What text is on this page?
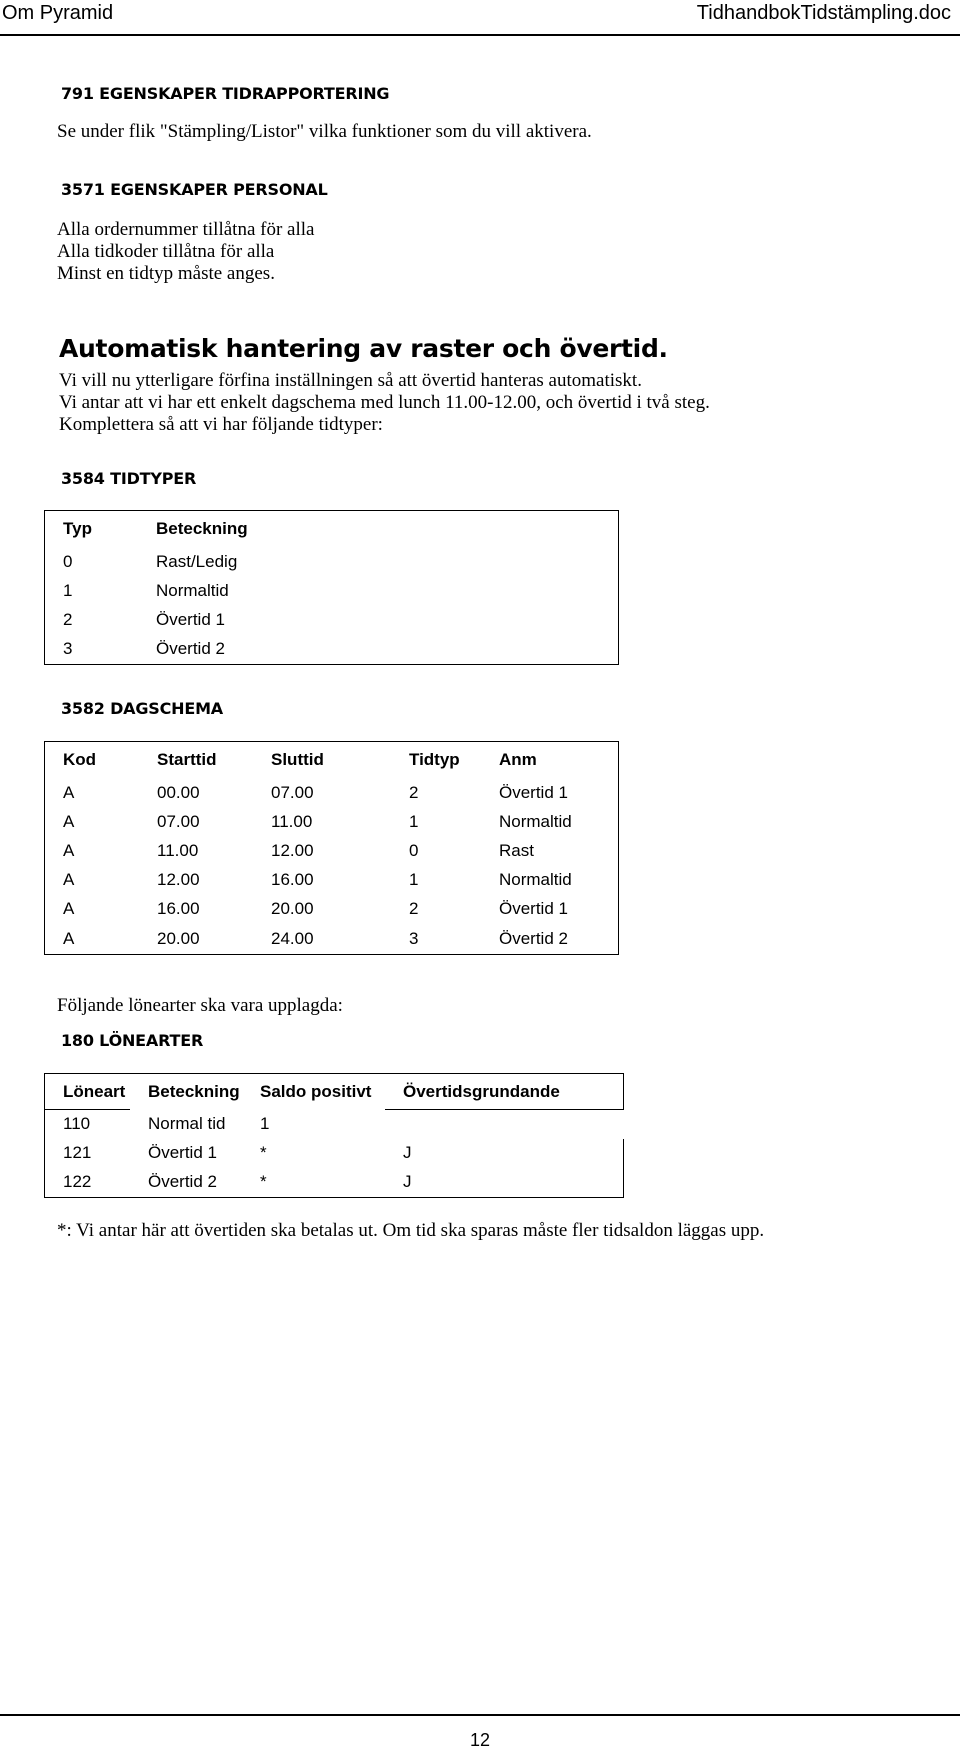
Om Pyramid	TidhandbokTidstämpling.doc
791 EGENSKAPER TIDRAPPORTERING
Se under flik "Stämpling/Listor" vilka funktioner som du vill aktivera.
3571 EGENSKAPER PERSONAL
Alla ordernummer tillåtna för alla
Alla tidkoder tillåtna för alla
Minst en tidtyp måste anges.
Automatisk hantering av raster och övertid.
Vi vill nu ytterligare förfina inställningen så att övertid hanteras automatiskt.
Vi antar att vi har ett enkelt dagschema med lunch 11.00-12.00, och övertid i två steg.
Komplettera så att vi har följande tidtyper:
3584 TIDTYPER
Typ	Beteckning
0	Rast/Ledig
1	Normaltid
2	Övertid 1
3	Övertid 2
3582 DAGSCHEMA
Kod	Starttid	Sluttid	Tidtyp	Anm
A	00.00	07.00	2	Övertid 1
A	07.00	11.00	1	Normaltid
A	11.00	12.00	0	Rast
A	12.00	16.00	1	Normaltid
A	16.00	20.00	2	Övertid 1
A	20.00	24.00	3	Övertid 2
Följande lönearter ska vara upplagda:
180 LÖNEARTER
Löneart	Beteckning	Saldo positivt	Övertidsgrundande
110	Normal tid	1	
121	Övertid 1	*	J
122	Övertid 2	*	J
*: Vi antar här att övertiden ska betalas ut. Om tid ska sparas måste fler tidsaldon läggas upp.
12
